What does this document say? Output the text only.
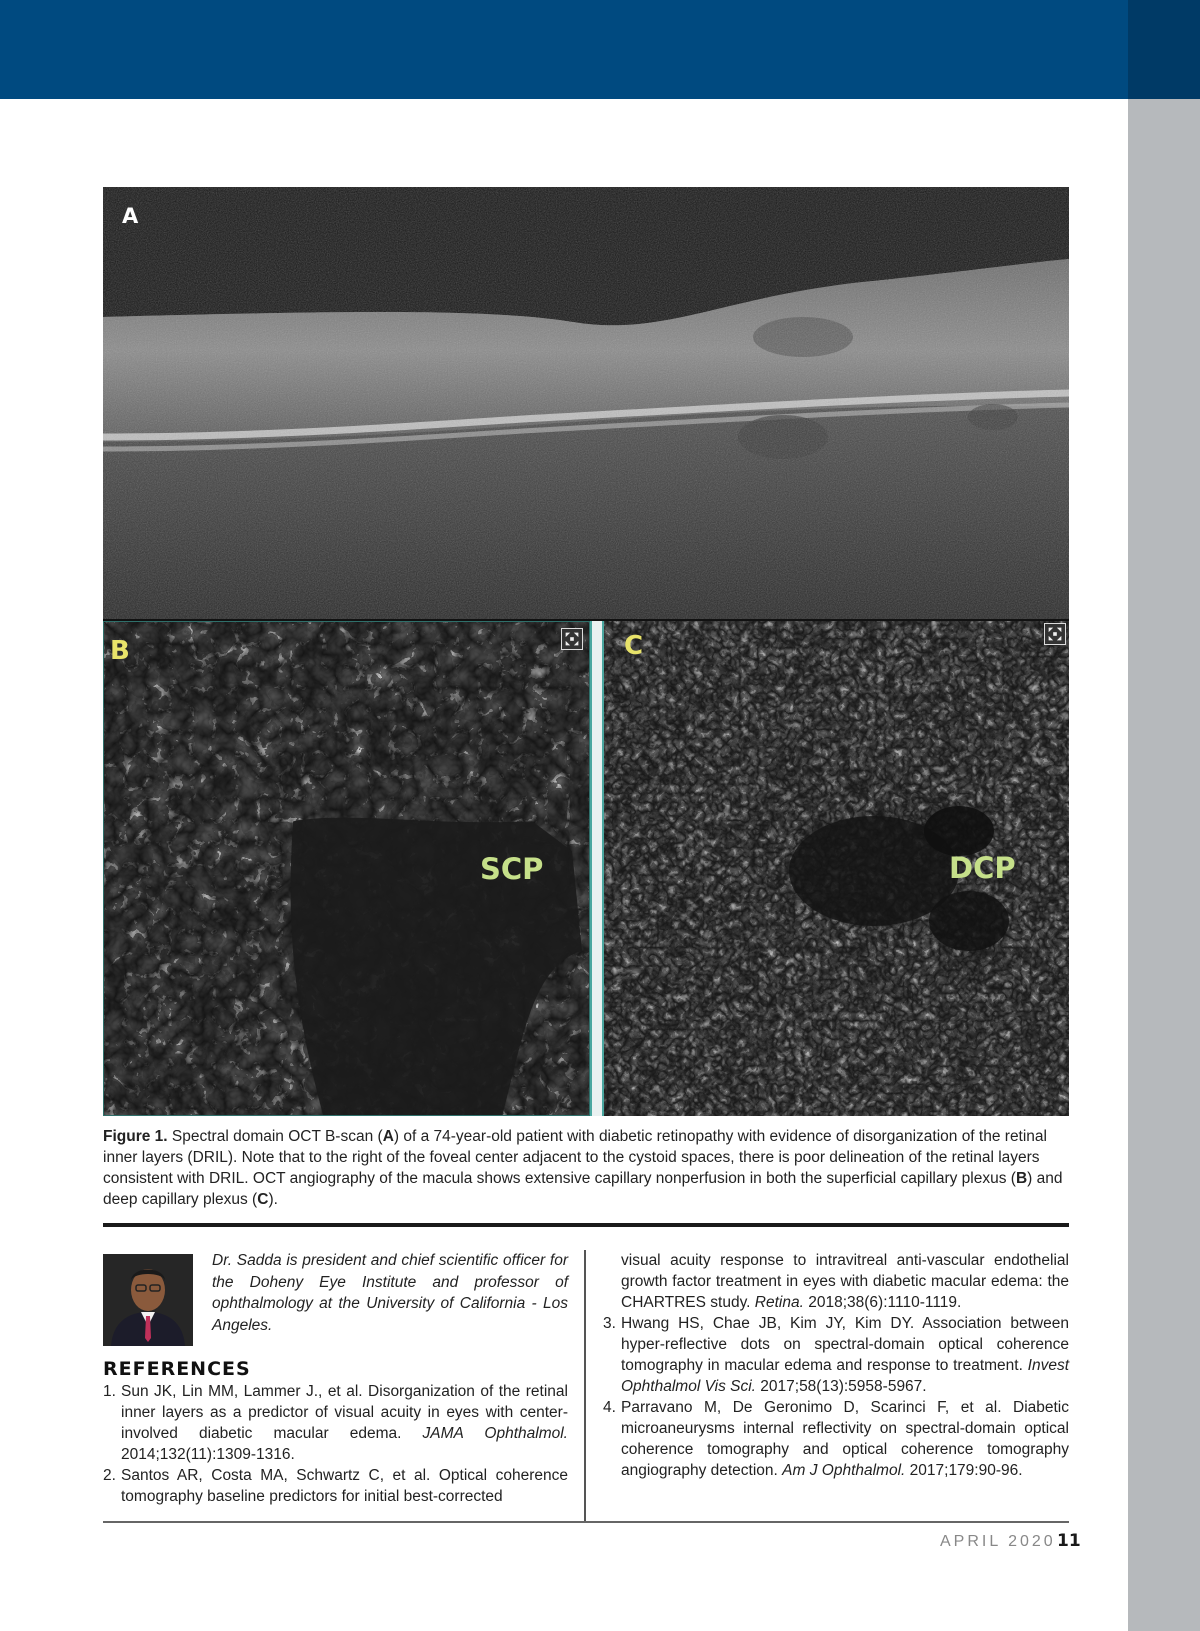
A
B
SCP
C
DCP
Figure 1. Spectral domain OCT B-scan (A) of a 74-year-old patient with diabetic retinopathy with evidence of disorganization of the retinal inner layers (DRIL). Note that to the right of the foveal center adjacent to the cystoid spaces, there is poor delineation of the retinal layers consistent with DRIL. OCT angiography of the macula shows extensive capillary nonperfusion in both the superficial capillary plexus (B) and deep capillary plexus (C).
Dr. Sadda is president and chief scientific officer for the Doheny Eye Institute and professor of ophthalmology at the University of California - Los Angeles.
REFERENCES
1. Sun JK, Lin MM, Lammer J., et al. Disorganization of the retinal inner layers as a predictor of visual acuity in eyes with center-involved diabetic macular edema. JAMA Ophthalmol. 2014;132(11):1309-1316.
2. Santos AR, Costa MA, Schwartz C, et al. Optical coherence tomography baseline predictors for initial best-corrected
visual acuity response to intravitreal anti-vascular endothelial growth factor treatment in eyes with diabetic macular edema: the CHARTRES study. Retina. 2018;38(6):1110-1119.
3. Hwang HS, Chae JB, Kim JY, Kim DY. Association between hyper-reflective dots on spectral-domain optical coherence tomography in macular edema and response to treatment. Invest Ophthalmol Vis Sci. 2017;58(13):5958-5967.
4. Parravano M, De Geronimo D, Scarinci F, et al. Diabetic microaneurysms internal reflectivity on spectral-domain optical coherence tomography and optical coherence tomography angiography detection. Am J Ophthalmol. 2017;179:90-96.
APRIL 2020 11
